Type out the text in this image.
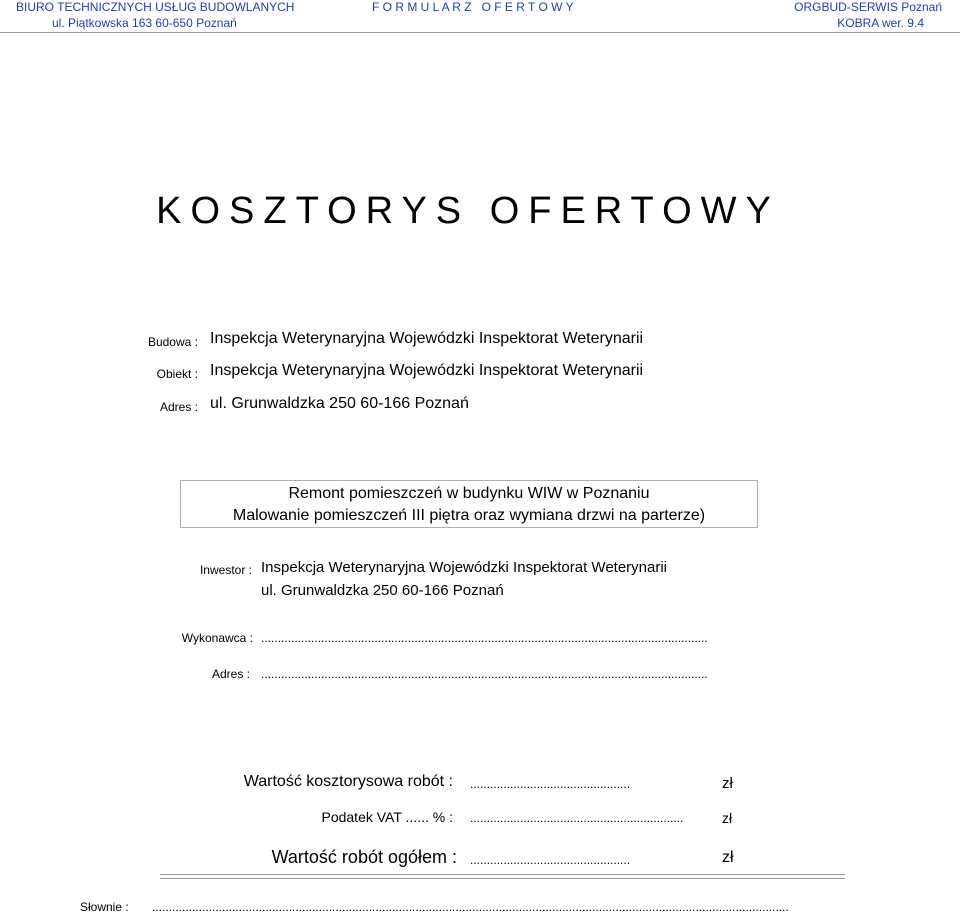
BIURO TECHNICZNYCH USŁUG BUDOWLANYCH
ul. Piątkowska 163 60-650 Poznań
F O R M U L A R Z   O F E R T O W Y	ORGBUD-SERWIS Poznań
KOBRA wer. 9.4
KOSZTORYS OFERTOWY
Budowa : Inspekcja Weterynaryjna Wojewódzki Inspektorat Weterynarii
Obiekt : Inspekcja Weterynaryjna Wojewódzki Inspektorat Weterynarii
Adres : ul. Grunwaldzka 250 60-166 Poznań
Remont pomieszczeń w budynku WIW w Poznaniu
Malowanie pomieszczeń III piętra oraz wymiana drzwi na parterze)
Inwestor : Inspekcja Weterynaryjna Wojewódzki Inspektorat Weterynarii
ul. Grunwaldzka 250 60-166 Poznań
Wykonawca : ......................................................................................................................................
Adres : ......................................................................................................................................
Wartość kosztorysowa robót : ................................................	zł
Podatek VAT ...... % : ................................................................	zł
Wartość robót ogółem : ................................................	zł
Słownie : ...............................................................................................................................................................................................
